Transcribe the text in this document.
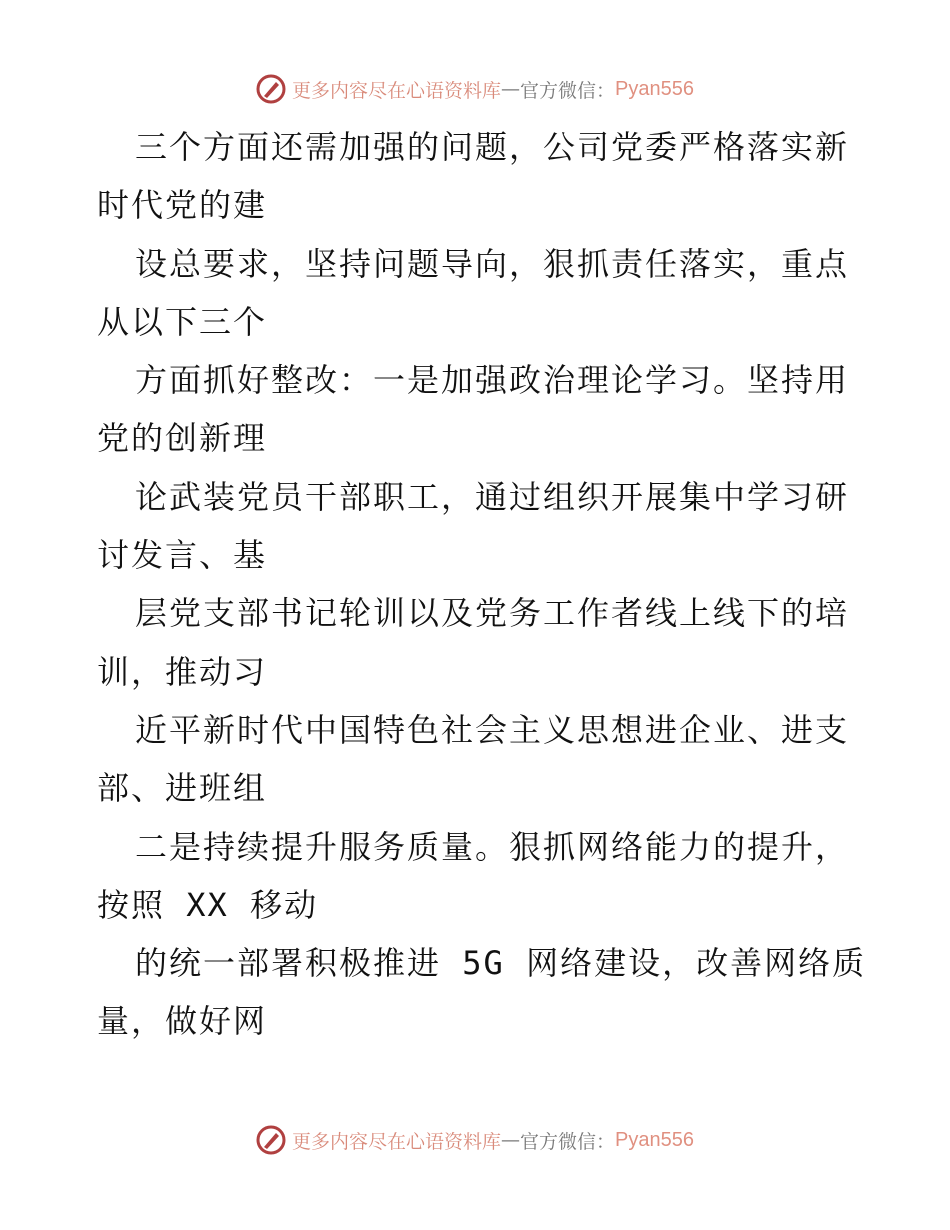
更多内容尽在心语资料库 — 官方微信： Pyan556
三个方面还需加强的问题，公司党委严格落实新
时代党的建
设总要求，坚持问题导向，狠抓责任落实，重点
从以下三个
方面抓好整改：一是加强政治理论学习。坚持用
党的创新理
论武装党员干部职工，通过组织开展集中学习研
讨发言、基
层党支部书记轮训以及党务工作者线上线下的培
训，推动习
近平新时代中国特色社会主义思想进企业、进支
部、进班组
二是持续提升服务质量。狠抓网络能力的提升，
按照 XX 移动
的统一部署积极推进 5G 网络建设，改善网络质
量，做好网
更多内容尽在心语资料库 — 官方微信： Pyan556
